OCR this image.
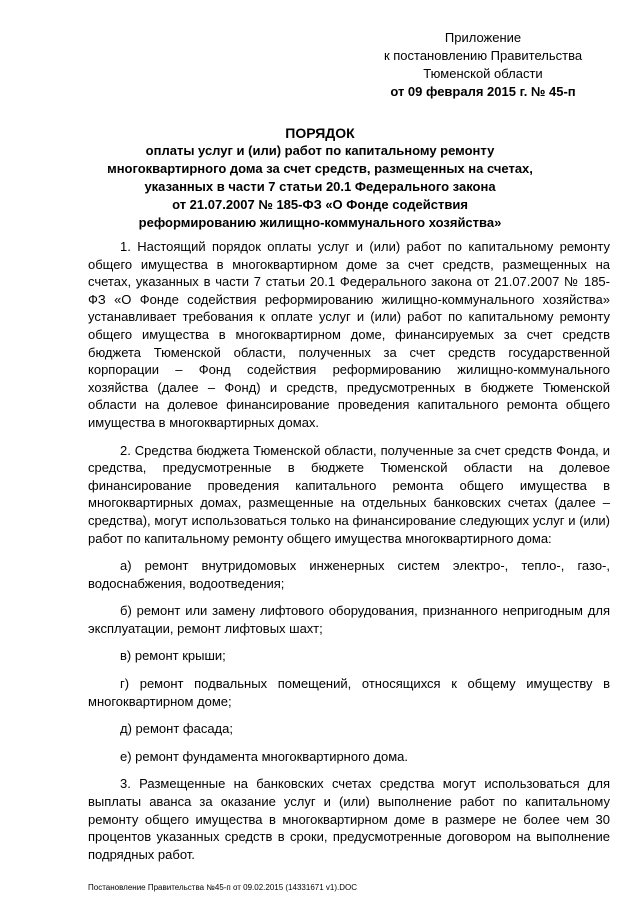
Приложение
к постановлению Правительства
Тюменской области
от 09 февраля 2015 г. № 45-п
ПОРЯДОК
оплаты услуг и (или) работ по капитальному ремонту
многоквартирного дома за счет средств, размещенных на счетах,
указанных в части 7 статьи 20.1 Федерального закона
от 21.07.2007 № 185-ФЗ «О Фонде содействия
реформированию жилищно-коммунального хозяйства»

1. Настоящий порядок оплаты услуг и (или) работ по капитальному ремонту общего имущества в многоквартирном доме за счет средств, размещенных на счетах, указанных в части 7 статьи 20.1 Федерального закона от 21.07.2007 № 185-ФЗ «О Фонде содействия реформированию жилищно-коммунального хозяйства» устанавливает требования к оплате услуг и (или) работ по капитальному ремонту общего имущества в многоквартирном доме, финансируемых за счет средств бюджета Тюменской области, полученных за счет средств государственной корпорации – Фонд содействия реформированию жилищно-коммунального хозяйства (далее – Фонд) и средств, предусмотренных в бюджете Тюменской области на долевое финансирование проведения капитального ремонта общего имущества в многоквартирных домах.

2. Средства бюджета Тюменской области, полученные за счет средств Фонда, и средства, предусмотренные в бюджете Тюменской области на долевое финансирование проведения капитального ремонта общего имущества в многоквартирных домах, размещенные на отдельных банковских счетах (далее – средства), могут использоваться только на финансирование следующих услуг и (или) работ по капитальному ремонту общего имущества многоквартирного дома:

а) ремонт внутридомовых инженерных систем электро-, тепло-, газо-, водоснабжения, водоотведения;

б) ремонт или замену лифтового оборудования, признанного непригодным для эксплуатации, ремонт лифтовых шахт;

в) ремонт крыши;

г) ремонт подвальных помещений, относящихся к общему имуществу в многоквартирном доме;

д) ремонт фасада;

е) ремонт фундамента многоквартирного дома.

3. Размещенные на банковских счетах средства могут использоваться для выплаты аванса за оказание услуг и (или) выполнение работ по капитальному ремонту общего имущества в многоквартирном доме в размере не более чем 30 процентов указанных средств в сроки, предусмотренные договором на выполнение подрядных работ.

Постановление Правительства №45-п от 09.02.2015 (14331671 v1).DOC
